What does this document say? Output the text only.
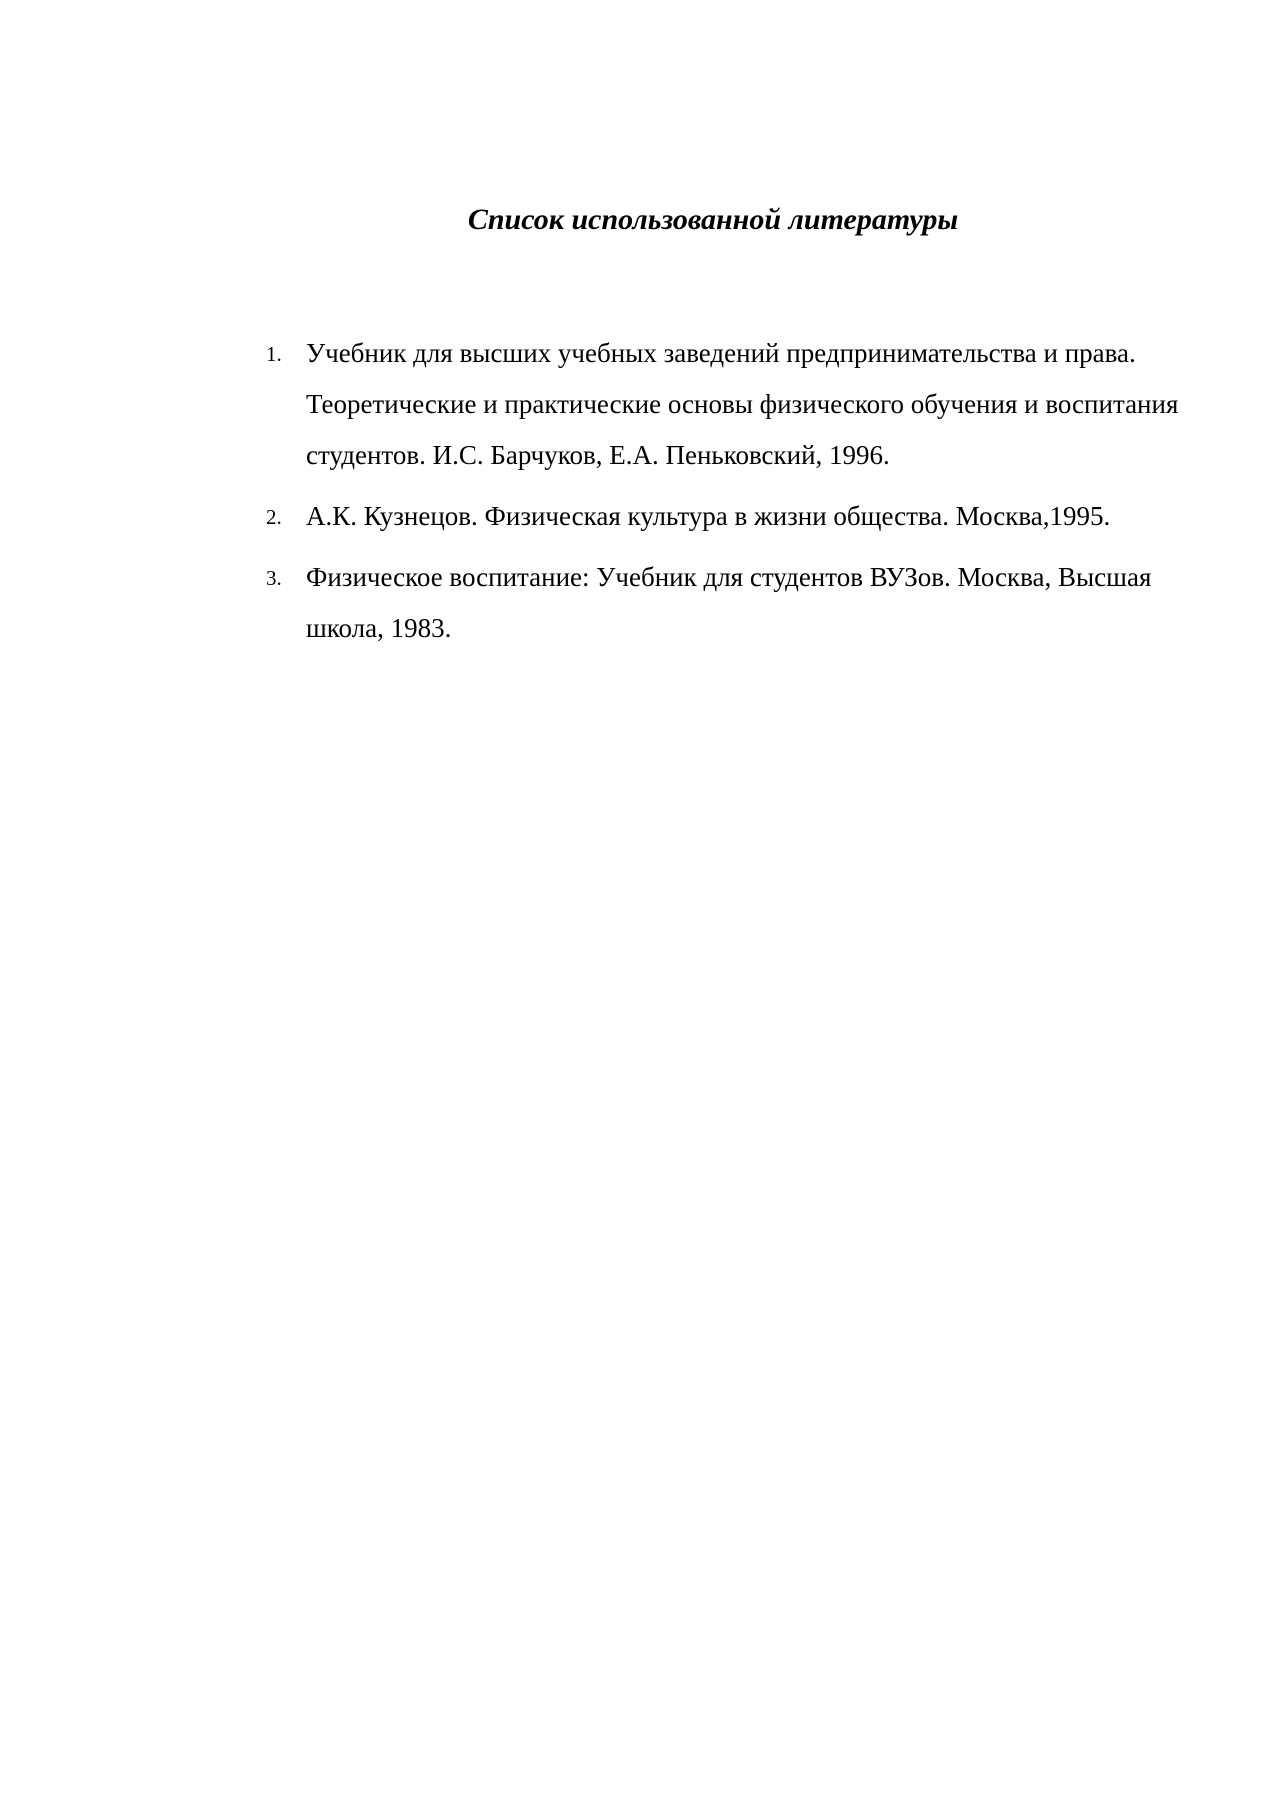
Список использованной литературы
1. Учебник для высших учебных заведений предпринимательства и права. Теоретические и практические основы физического обучения и воспитания студентов. И.С. Барчуков, Е.А. Пеньковский, 1996.
2. А.К. Кузнецов. Физическая культура в жизни общества. Москва,1995.
3. Физическое воспитание: Учебник для студентов ВУЗов. Москва, Высшая школа, 1983.
